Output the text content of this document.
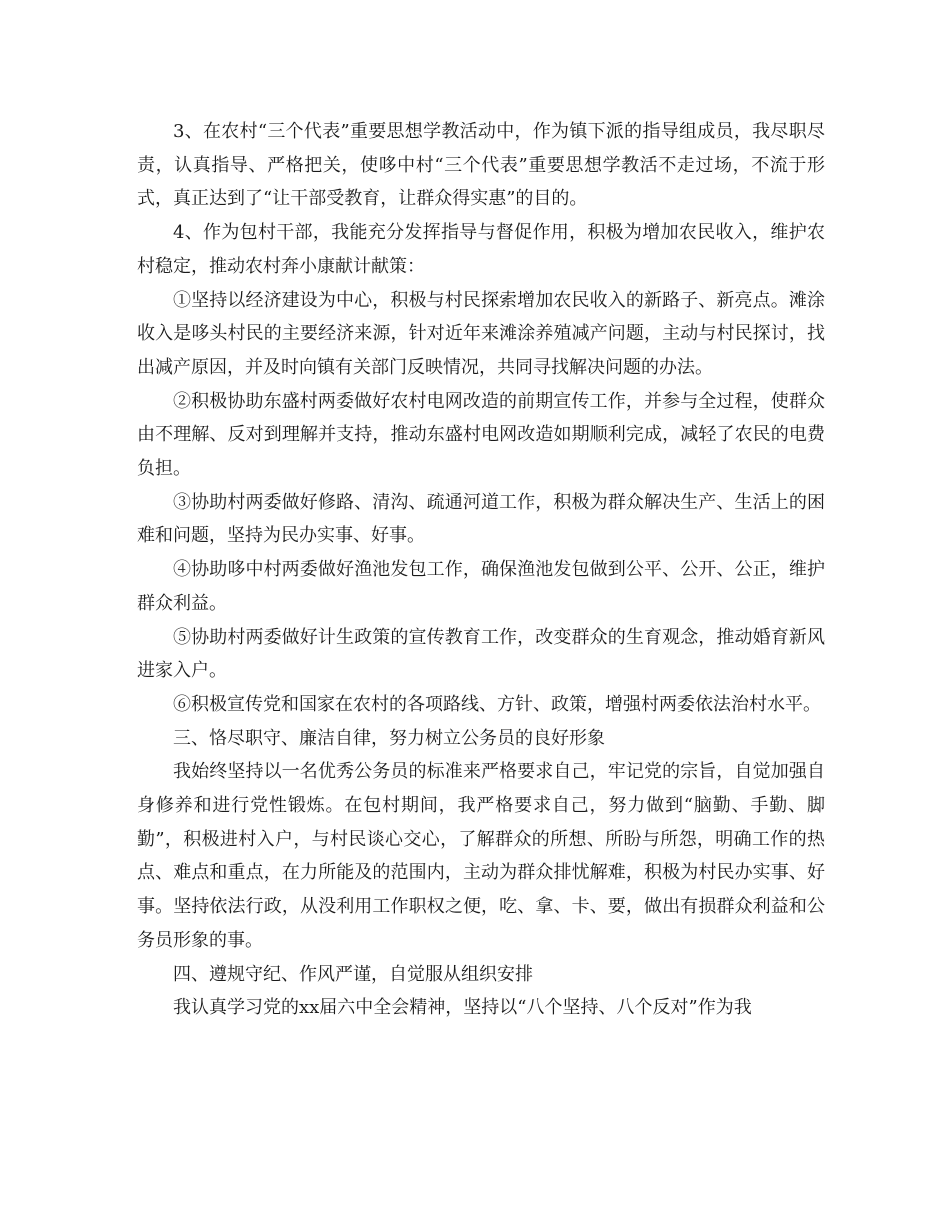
3、在农村“三个代表”重要思想学教活动中，作为镇下派的指导组成员，我尽职尽责，认真指导、严格把关，使哆中村“三个代表”重要思想学教活不走过场，不流于形式，真正达到了“让干部受教育，让群众得实惠”的目的。

4、作为包村干部，我能充分发挥指导与督促作用，积极为增加农民收入，维护农村稳定，推动农村奔小康献计献策：

①坚持以经济建设为中心，积极与村民探索增加农民收入的新路子、新亮点。滩涂收入是哆头村民的主要经济来源，针对近年来滩涂养殖减产问题，主动与村民探讨，找出减产原因，并及时向镇有关部门反映情况，共同寻找解决问题的办法。

②积极协助东盛村两委做好农村电网改造的前期宣传工作，并参与全过程，使群众由不理解、反对到理解并支持，推动东盛村电网改造如期顺利完成，减轻了农民的电费负担。

③协助村两委做好修路、清沟、疏通河道工作，积极为群众解决生产、生活上的困难和问题，坚持为民办实事、好事。

④协助哆中村两委做好渔池发包工作，确保渔池发包做到公平、公开、公正，维护群众利益。

⑤协助村两委做好计生政策的宣传教育工作，改变群众的生育观念，推动婚育新风进家入户。

⑥积极宣传党和国家在农村的各项路线、方针、政策，增强村两委依法治村水平。

三、恪尽职守、廉洁自律，努力树立公务员的良好形象

我始终坚持以一名优秀公务员的标准来严格要求自己，牢记党的宗旨，自觉加强自身修养和进行党性锻炼。在包村期间，我严格要求自己，努力做到“脑勤、手勤、脚勤”，积极进村入户，与村民谈心交心，了解群众的所想、所盼与所怨，明确工作的热点、难点和重点，在力所能及的范围内，主动为群众排忧解难，积极为村民办实事、好事。坚持依法行政，从没利用工作职权之便，吃、拿、卡、要，做出有损群众利益和公务员形象的事。

四、遵规守纪、作风严谨，自觉服从组织安排

我认真学习党的xx届六中全会精神，坚持以“八个坚持、八个反对”作为我
